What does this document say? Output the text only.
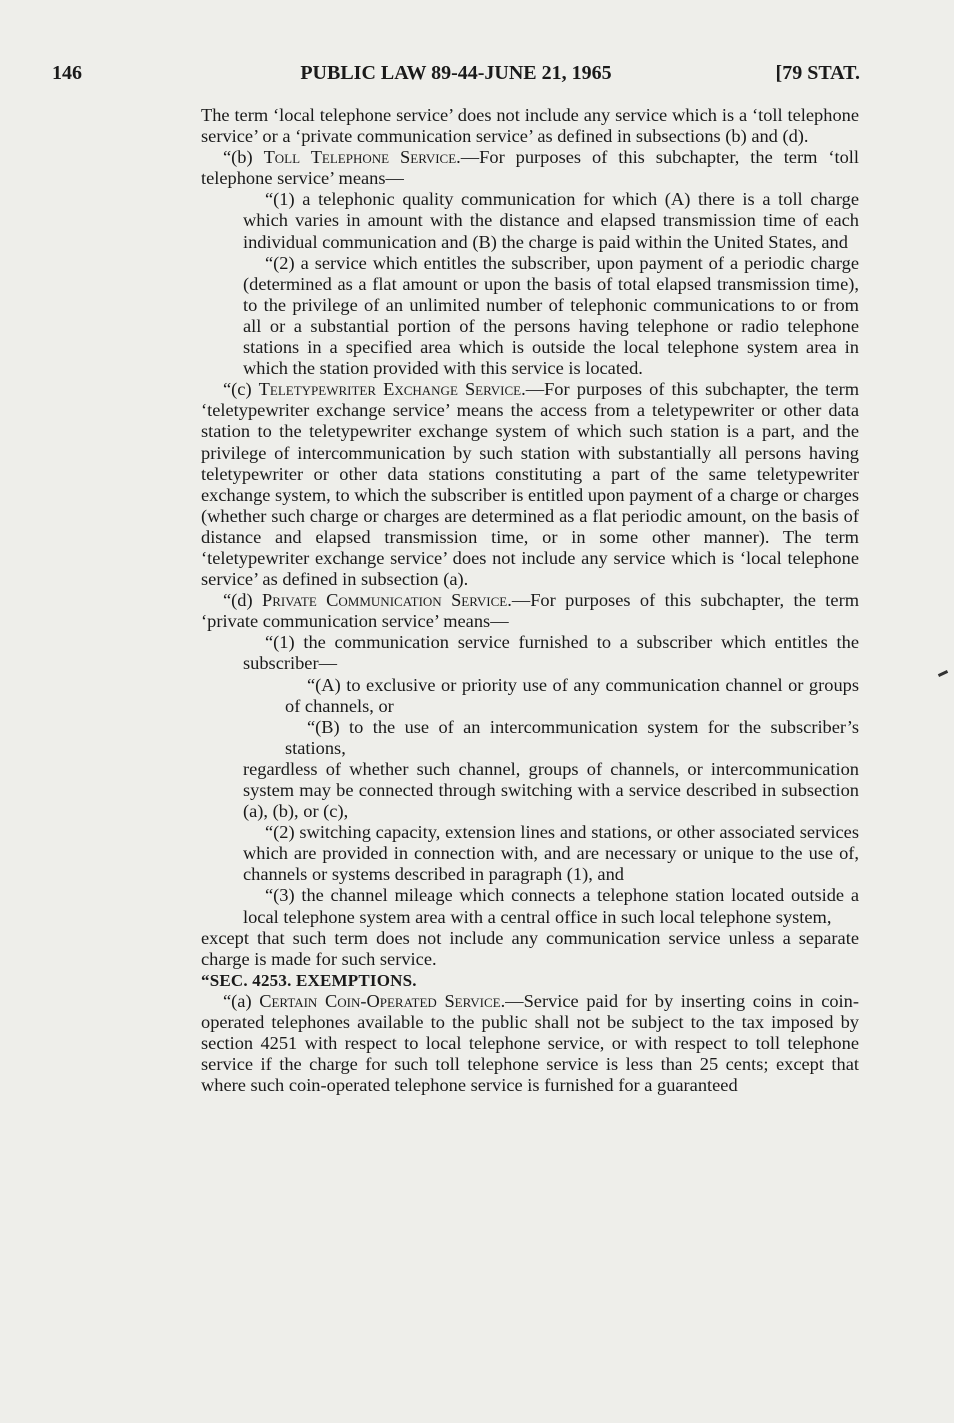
146	PUBLIC LAW 89-44-JUNE 21, 1965	[79 STAT.

The term ‘local telephone service’ does not include any service which is a ‘toll telephone service’ or a ‘private communication service’ as defined in subsections (b) and (d).

“(b) Toll Telephone Service.—For purposes of this subchapter, the term ‘toll telephone service’ means—

“(1) a telephonic quality communication for which (A) there is a toll charge which varies in amount with the distance and elapsed transmission time of each individual communication and (B) the charge is paid within the United States, and

“(2) a service which entitles the subscriber, upon payment of a periodic charge (determined as a flat amount or upon the basis of total elapsed transmission time), to the privilege of an unlimited number of telephonic communications to or from all or a substantial portion of the persons having telephone or radio telephone stations in a specified area which is outside the local telephone system area in which the station provided with this service is located.

“(c) Teletypewriter Exchange Service.—For purposes of this subchapter, the term ‘teletypewriter exchange service’ means the access from a teletypewriter or other data station to the teletypewriter exchange system of which such station is a part, and the privilege of intercommunication by such station with substantially all persons having teletypewriter or other data stations constituting a part of the same teletypewriter exchange system, to which the subscriber is entitled upon payment of a charge or charges (whether such charge or charges are determined as a flat periodic amount, on the basis of distance and elapsed transmission time, or in some other manner). The term ‘teletypewriter exchange service’ does not include any service which is ‘local telephone service’ as defined in subsection (a).

“(d) Private Communication Service.—For purposes of this subchapter, the term ‘private communication service’ means—

“(1) the communication service furnished to a subscriber which entitles the subscriber—

“(A) to exclusive or priority use of any communication channel or groups of channels, or

“(B) to the use of an intercommunication system for the subscriber’s stations,

regardless of whether such channel, groups of channels, or intercommunication system may be connected through switching with a service described in subsection (a), (b), or (c),

“(2) switching capacity, extension lines and stations, or other associated services which are provided in connection with, and are necessary or unique to the use of, channels or systems described in paragraph (1), and

“(3) the channel mileage which connects a telephone station located outside a local telephone system area with a central office in such local telephone system,

except that such term does not include any communication service unless a separate charge is made for such service.

“SEC. 4253. EXEMPTIONS.

“(a) Certain Coin-Operated Service.—Service paid for by inserting coins in coin-operated telephones available to the public shall not be subject to the tax imposed by section 4251 with respect to local telephone service, or with respect to toll telephone service if the charge for such toll telephone service is less than 25 cents; except that where such coin-operated telephone service is furnished for a guaranteed
